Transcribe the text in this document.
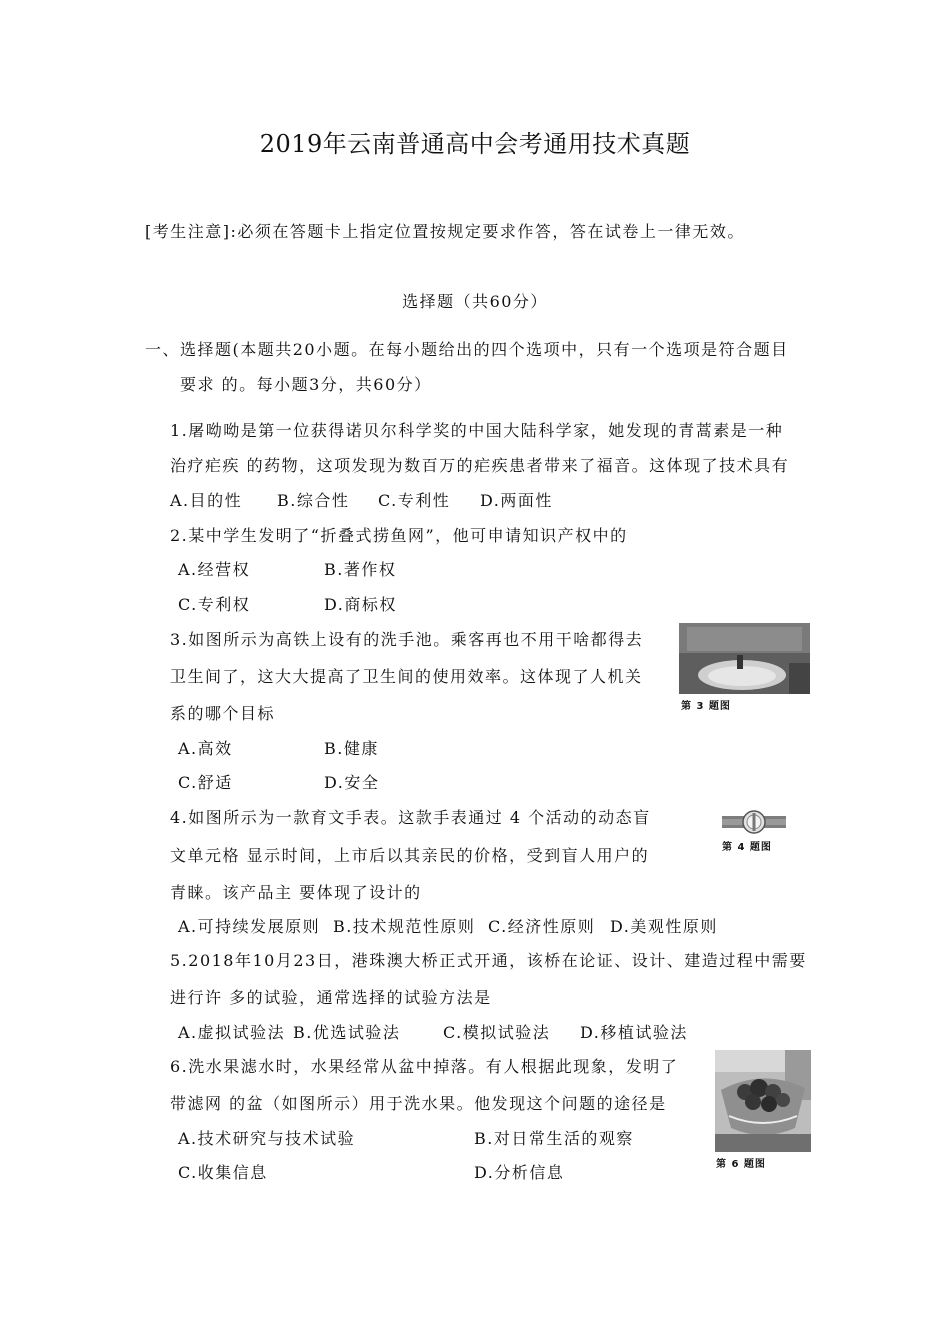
2019年云南普通高中会考通用技术真题
[考生注意]:必须在答题卡上指定位置按规定要求作答，答在试卷上一律无效。
选择题（共60分）
一、选择题(本题共20小题。在每小题给出的四个选项中，只有一个选项是符合题目
要求 的。每小题3分，共60分）
1.屠呦呦是第一位获得诺贝尔科学奖的中国大陆科学家，她发现的青蒿素是一种
治疗疟疾 的药物，这项发现为数百万的疟疾患者带来了福音。这体现了技术具有
A.目的性 B.综合性 C.专利性 D.两面性
2.某中学生发明了“折叠式捞鱼网”，他可申请知识产权中的
A.经营权	B.著作权
C.专利权	D.商标权
3.如图所示为高铁上设有的洗手池。乘客再也不用干啥都得去
卫生间了，这大大提高了卫生间的使用效率。这体现了人机关
系的哪个目标
A.高效	B.健康
C.舒适	D.安全
第 3 题图
4.如图所示为一款育文手表。这款手表通过 4 个活动的动态盲
文单元格 显示时间，上市后以其亲民的价格，受到盲人用户的
青睐。该产品主 要体现了设计的
A.可持续发展原则 B.技术规范性原则 C.经济性原则 D.美观性原则
第 4 题图
5.2018年10月23日，港珠澳大桥正式开通，该桥在论证、设计、建造过程中需要
进行许 多的试验，通常选择的试验方法是
A.虚拟试验法 B.优选试验法	C.模拟试验法 D.移植试验法
6.洗水果滤水时，水果经常从盆中掉落。有人根据此现象，发明了
带滤网 的盆（如图所示）用于洗水果。他发现这个问题的途径是
A.技术研究与技术试验	B.对日常生活的观察
C.收集信息	D.分析信息	第 6 题图
